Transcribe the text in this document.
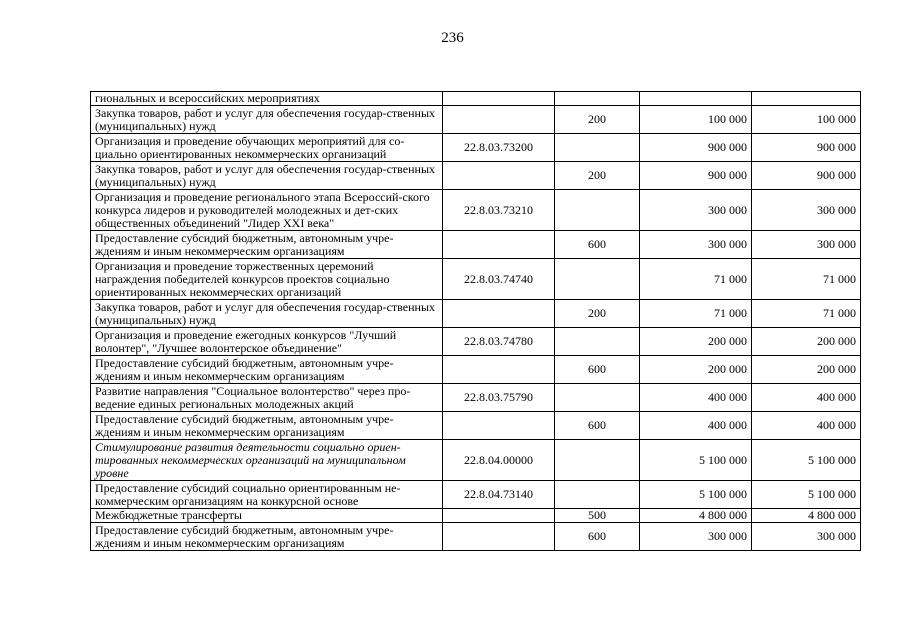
236
гиональных и всероссийских мероприятиях				
Закупка товаров, работ и услуг для обеспечения государ-ственных (муниципальных) нужд		200	100 000	100 000
Организация и проведение обучающих мероприятий для со-циально ориентированных некоммерческих организаций	22.8.03.73200		900 000	900 000
Закупка товаров, работ и услуг для обеспечения государ-ственных (муниципальных) нужд		200	900 000	900 000
Организация и проведение регионального этапа Всероссий-ского конкурса лидеров и руководителей молодежных и дет-ских общественных объединений "Лидер XXI века"	22.8.03.73210		300 000	300 000
Предоставление субсидий бюджетным, автономным учре-ждениям и иным некоммерческим организациям		600	300 000	300 000
Организация и проведение торжественных церемоний награждения победителей конкурсов проектов социально ориентированных некоммерческих организаций	22.8.03.74740		71 000	71 000
Закупка товаров, работ и услуг для обеспечения государ-ственных (муниципальных) нужд		200	71 000	71 000
Организация и проведение ежегодных конкурсов "Лучший волонтер", "Лучшее волонтерское объединение"	22.8.03.74780		200 000	200 000
Предоставление субсидий бюджетным, автономным учре-ждениям и иным некоммерческим организациям		600	200 000	200 000
Развитие направления "Социальное волонтерство" через про-ведение единых региональных молодежных акций	22.8.03.75790		400 000	400 000
Предоставление субсидий бюджетным, автономным учре-ждениям и иным некоммерческим организациям		600	400 000	400 000
Стимулирование развития деятельности социально ориен-тированных некоммерческих организаций на муниципальном уровне	22.8.04.00000		5 100 000	5 100 000
Предоставление субсидий социально ориентированным не-коммерческим организациям на конкурсной основе	22.8.04.73140		5 100 000	5 100 000
Межбюджетные трансферты		500	4 800 000	4 800 000
Предоставление субсидий бюджетным, автономным учре-ждениям и иным некоммерческим организациям		600	300 000	300 000
